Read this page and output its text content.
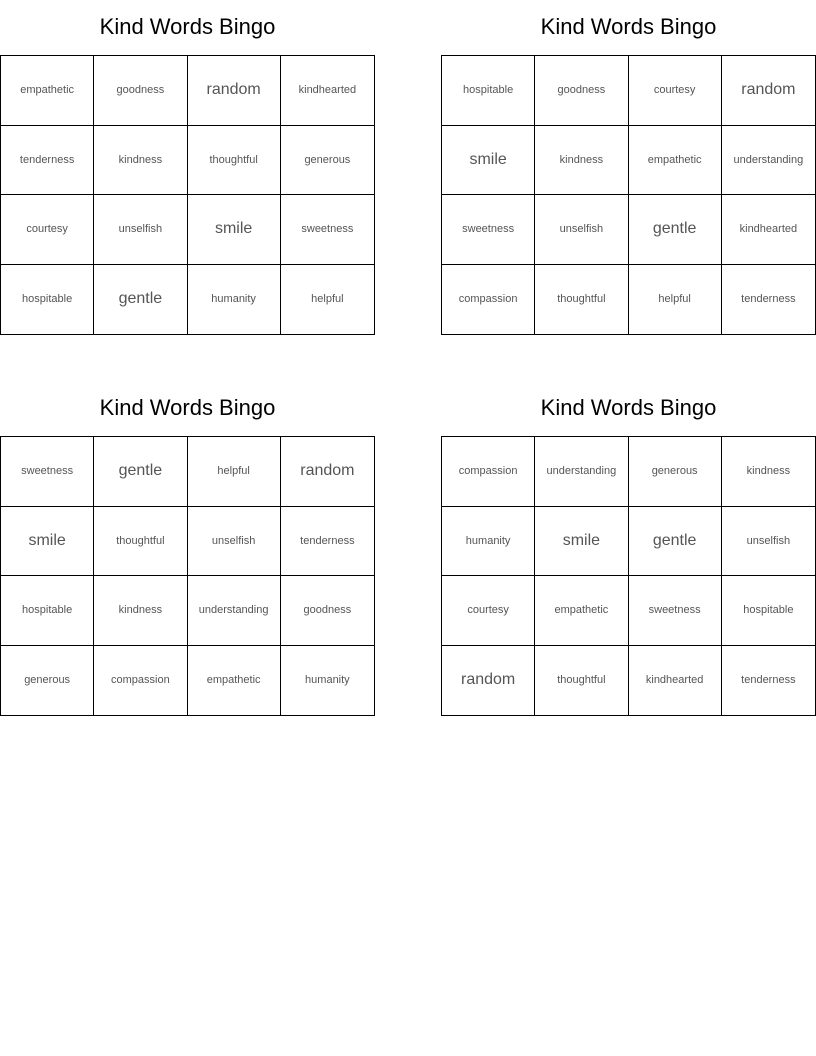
Kind Words Bingo
empathetic	goodness	random	kindhearted
tenderness	kindness	thoughtful	generous
courtesy	unselfish	smile	sweetness
hospitable	gentle	humanity	helpful
Kind Words Bingo
hospitable	goodness	courtesy	random
smile	kindness	empathetic	understanding
sweetness	unselfish	gentle	kindhearted
compassion	thoughtful	helpful	tenderness
Kind Words Bingo
sweetness	gentle	helpful	random
smile	thoughtful	unselfish	tenderness
hospitable	kindness	understanding	goodness
generous	compassion	empathetic	humanity
Kind Words Bingo
compassion	understanding	generous	kindness
humanity	smile	gentle	unselfish
courtesy	empathetic	sweetness	hospitable
random	thoughtful	kindhearted	tenderness
